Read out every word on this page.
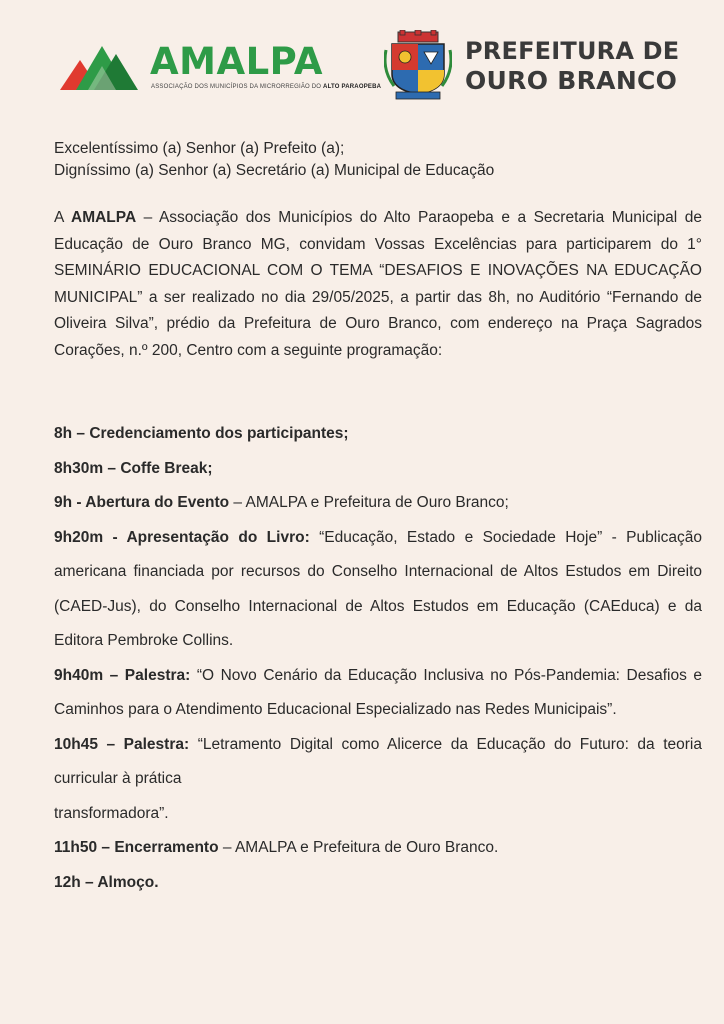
AMALPA
ASSOCIAÇÃO DOS MUNICÍPIOS DA MICRORREGIÃO DO ALTO PARAOPEBA
PREFEITURA DE
OURO BRANCO
Excelentíssimo (a) Senhor (a) Prefeito (a);
Digníssimo (a) Senhor (a) Secretário (a) Municipal de Educação

A AMALPA – Associação dos Municípios do Alto Paraopeba e a Secretaria Municipal de Educação de Ouro Branco MG, convidam Vossas Excelências para participarem do 1° SEMINÁRIO EDUCACIONAL COM O TEMA “DESAFIOS E INOVAÇÕES NA EDUCAÇÃO MUNICIPAL” a ser realizado no dia 29/05/2025, a partir das 8h, no Auditório “Fernando de Oliveira Silva”, prédio da Prefeitura de Ouro Branco, com endereço na Praça Sagrados Corações, n.º 200, Centro com a seguinte programação:

8h – Credenciamento dos participantes;

8h30m – Coffe Break;

9h - Abertura do Evento – AMALPA e Prefeitura de Ouro Branco;

9h20m - Apresentação do Livro: “Educação, Estado e Sociedade Hoje” - Publicação americana financiada por recursos do Conselho Internacional de Altos Estudos em Direito (CAED-Jus), do Conselho Internacional de Altos Estudos em Educação (CAEduca) e da Editora Pembroke Collins.

9h40m – Palestra: “O Novo Cenário da Educação Inclusiva no Pós-Pandemia: Desafios e Caminhos para o Atendimento Educacional Especializado nas Redes Municipais”.

10h45 – Palestra: “Letramento Digital como Alicerce da Educação do Futuro: da teoria curricular à prática

transformadora”.

11h50 – Encerramento – AMALPA e Prefeitura de Ouro Branco.

12h – Almoço.
